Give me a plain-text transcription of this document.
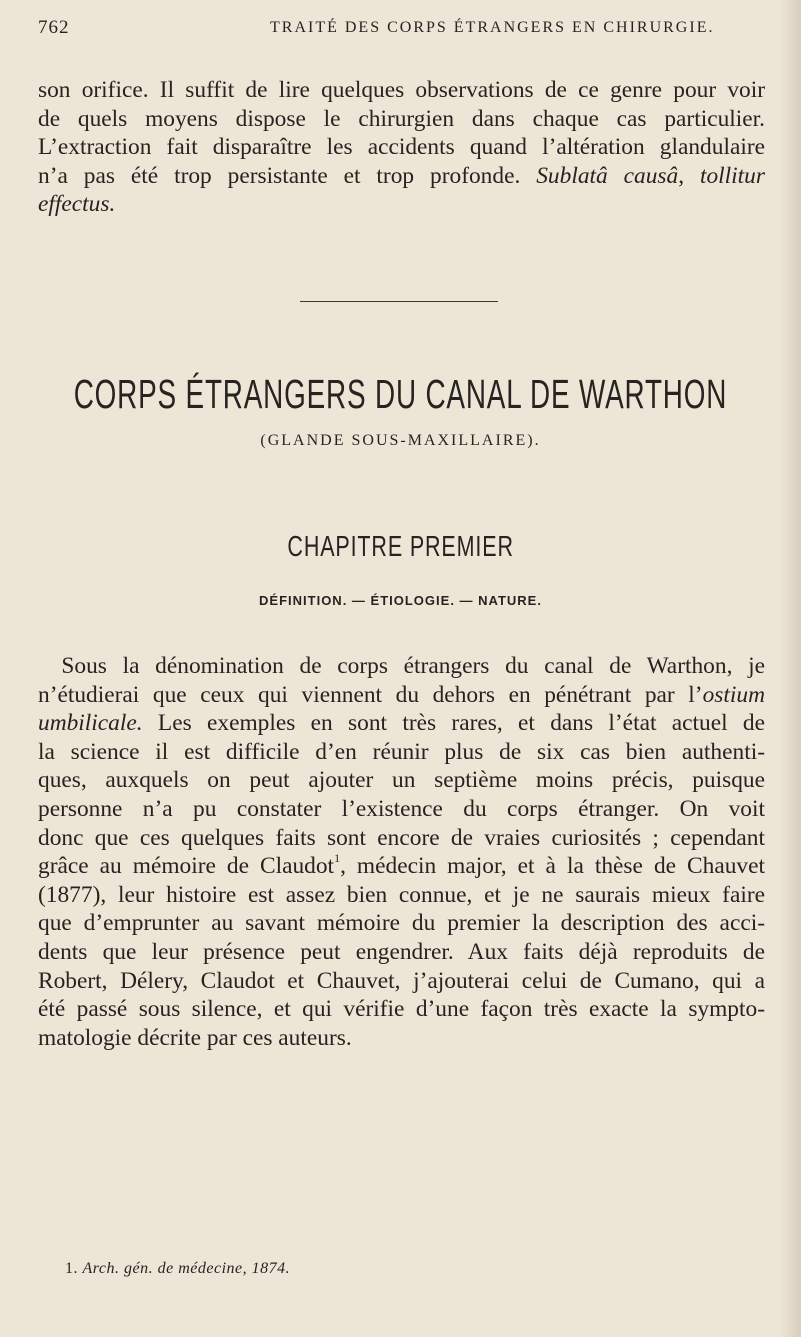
762	TRAITÉ DES CORPS ÉTRANGERS EN CHIRURGIE.
son orifice. Il suffit de lire quelques observations de ce genre pour voir
de quels moyens dispose le chirurgien dans chaque cas particulier.
L’extraction fait disparaître les accidents quand l’altération glandulaire
n’a pas été trop persistante et trop profonde. Sublatâ causâ, tollitur
effectus.
CORPS ÉTRANGERS DU CANAL DE WARTHON
(GLANDE SOUS-MAXILLAIRE).
CHAPITRE PREMIER
DÉFINITION. — ÉTIOLOGIE. — NATURE.
 Sous la dénomination de corps étrangers du canal de Warthon, je
n’étudierai que ceux qui viennent du dehors en pénétrant par l’ostium
umbilicale. Les exemples en sont très rares, et dans l’état actuel de
la science il est difficile d’en réunir plus de six cas bien authenti-
ques, auxquels on peut ajouter un septième moins précis, puisque
personne n’a pu constater l’existence du corps étranger. On voit
donc que ces quelques faits sont encore de vraies curiosités ; cependant
grâce au mémoire de Claudot$^1$, médecin major, et à la thèse de Chauvet
(1877), leur histoire est assez bien connue, et je ne saurais mieux faire
que d’emprunter au savant mémoire du premier la description des acci-
dents que leur présence peut engendrer. Aux faits déjà reproduits de
Robert, Délery, Claudot et Chauvet, j’ajouterai celui de Cumano, qui a
été passé sous silence, et qui vérifie d’une façon très exacte la sympto-
matologie décrite par ces auteurs.
1. Arch. gén. de médecine, 1874.
